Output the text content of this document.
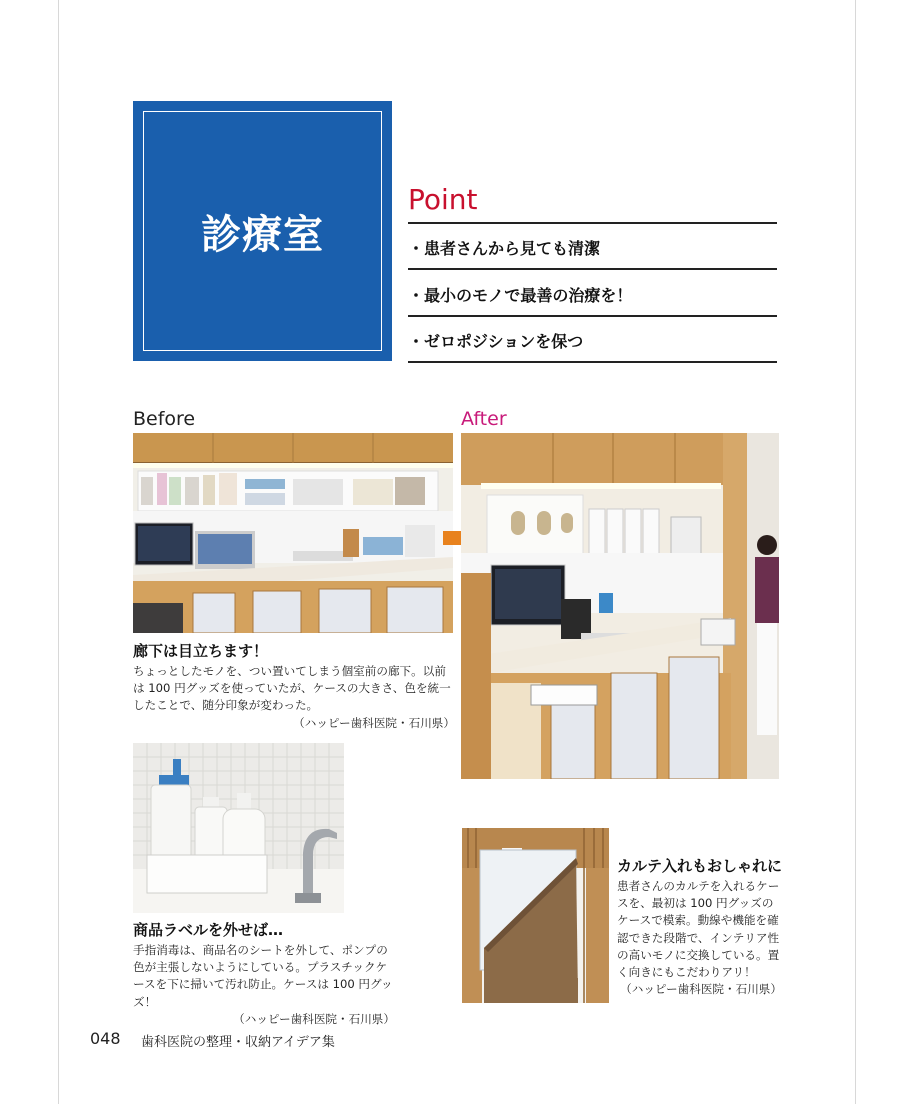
診療室
Point
・患者さんから見ても清潔
・最小のモノで最善の治療を！
・ゼロポジションを保つ
Before	After
廊下は目立ちます！
ちょっとしたモノを、つい置いてしまう個室前の廊下。以前は 100 円グッズを使っていたが、ケースの大きさ、色を統一したことで、随分印象が変わった。
（ハッピー歯科医院・石川県）
商品ラベルを外せば…
手指消毒は、商品名のシートを外して、ポンプの色が主張しないようにしている。プラスチックケースを下に掃いて汚れ防止。ケースは 100 円グッズ！
（ハッピー歯科医院・石川県）
カルテ入れもおしゃれに
患者さんのカルテを入れるケースを、最初は 100 円グッズのケースで模索。動線や機能を確認できた段階で、インテリア性の高いモノに交換している。置く向きにもこだわりアリ！
（ハッピー歯科医院・石川県）
048 歯科医院の整理・収納アイデア集
